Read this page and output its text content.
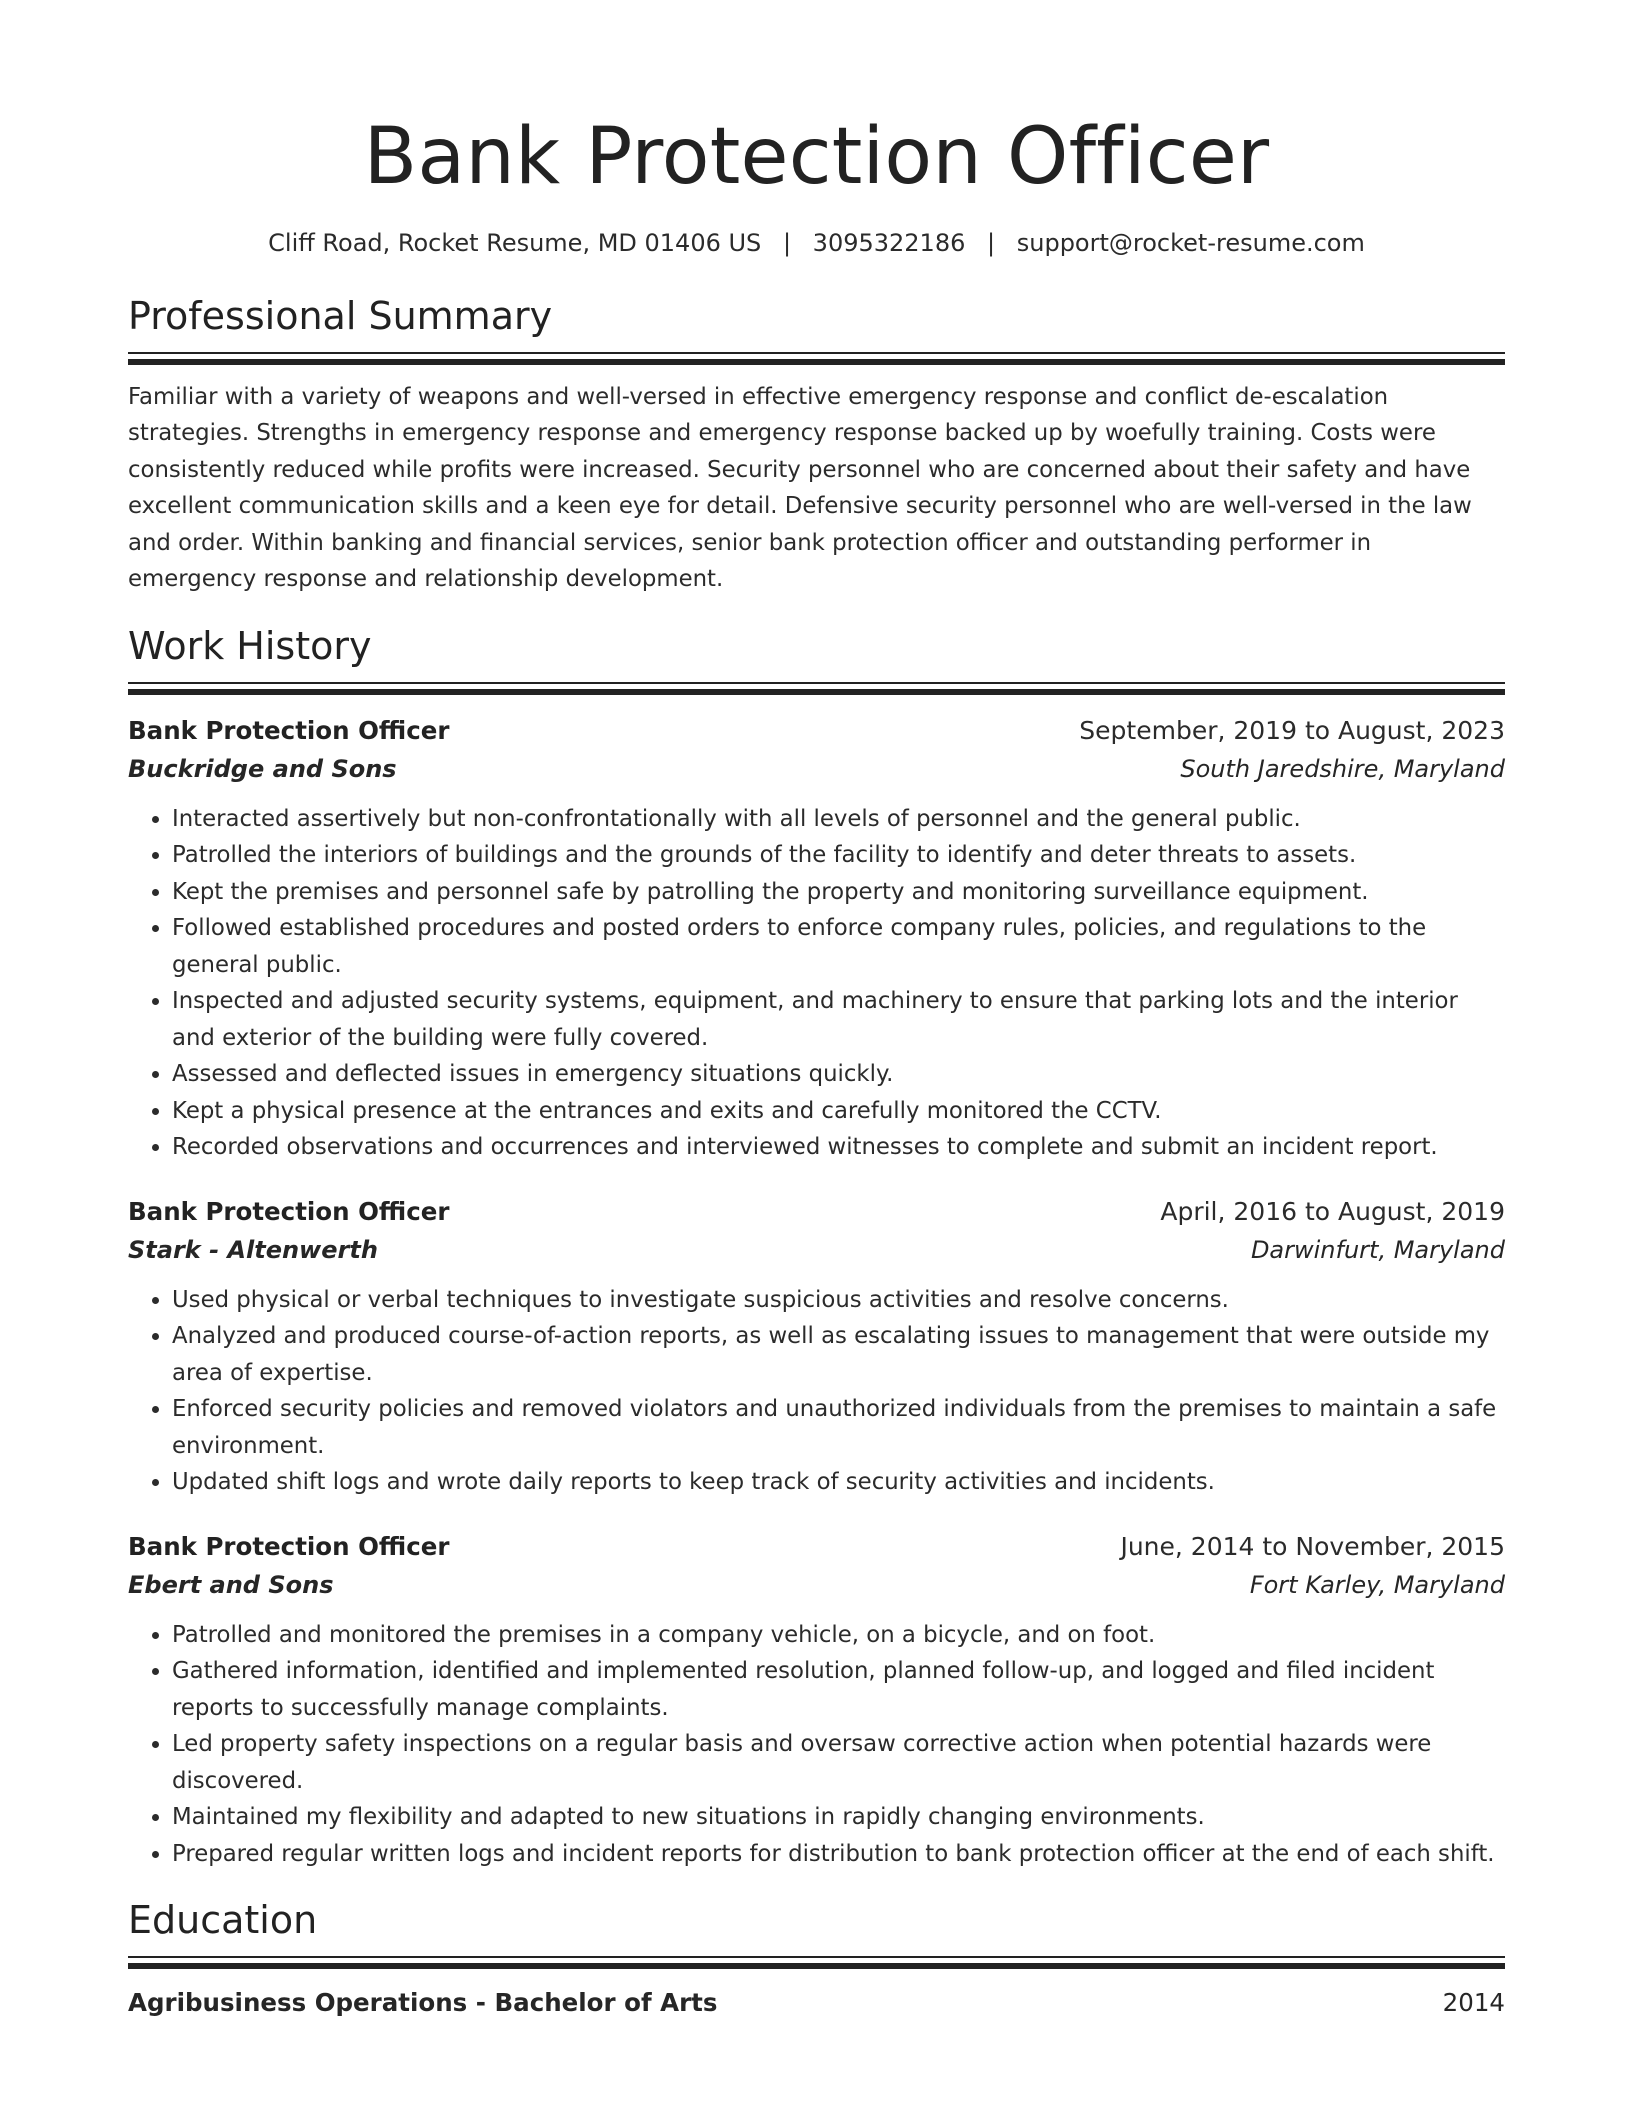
Bank Protection Officer
Cliff Road, Rocket Resume, MD 01406 US | 3095322186 | support@rocket-resume.com
Professional Summary

Familiar with a variety of weapons and well-versed in effective emergency response and conflict de-escalation strategies. Strengths in emergency response and emergency response backed up by woefully training. Costs were consistently reduced while profits were increased. Security personnel who are concerned about their safety and have excellent communication skills and a keen eye for detail. Defensive security personnel who are well-versed in the law and order. Within banking and financial services, senior bank protection officer and outstanding performer in emergency response and relationship development.

Work History
Bank Protection Officer	September, 2019 to August, 2023
Buckridge and Sons	South Jaredshire, Maryland
• Interacted assertively but non-confrontationally with all levels of personnel and the general public.
• Patrolled the interiors of buildings and the grounds of the facility to identify and deter threats to assets.
• Kept the premises and personnel safe by patrolling the property and monitoring surveillance equipment.
• Followed established procedures and posted orders to enforce company rules, policies, and regulations to the general public.
• Inspected and adjusted security systems, equipment, and machinery to ensure that parking lots and the interior and exterior of the building were fully covered.
• Assessed and deflected issues in emergency situations quickly.
• Kept a physical presence at the entrances and exits and carefully monitored the CCTV.
• Recorded observations and occurrences and interviewed witnesses to complete and submit an incident report.
Bank Protection Officer	April, 2016 to August, 2019
Stark - Altenwerth	Darwinfurt, Maryland
• Used physical or verbal techniques to investigate suspicious activities and resolve concerns.
• Analyzed and produced course-of-action reports, as well as escalating issues to management that were outside my area of expertise.
• Enforced security policies and removed violators and unauthorized individuals from the premises to maintain a safe environment.
• Updated shift logs and wrote daily reports to keep track of security activities and incidents.
Bank Protection Officer	June, 2014 to November, 2015
Ebert and Sons	Fort Karley, Maryland
• Patrolled and monitored the premises in a company vehicle, on a bicycle, and on foot.
• Gathered information, identified and implemented resolution, planned follow-up, and logged and filed incident reports to successfully manage complaints.
• Led property safety inspections on a regular basis and oversaw corrective action when potential hazards were discovered.
• Maintained my flexibility and adapted to new situations in rapidly changing environments.
• Prepared regular written logs and incident reports for distribution to bank protection officer at the end of each shift.
Education
Agribusiness Operations - Bachelor of Arts	2014
